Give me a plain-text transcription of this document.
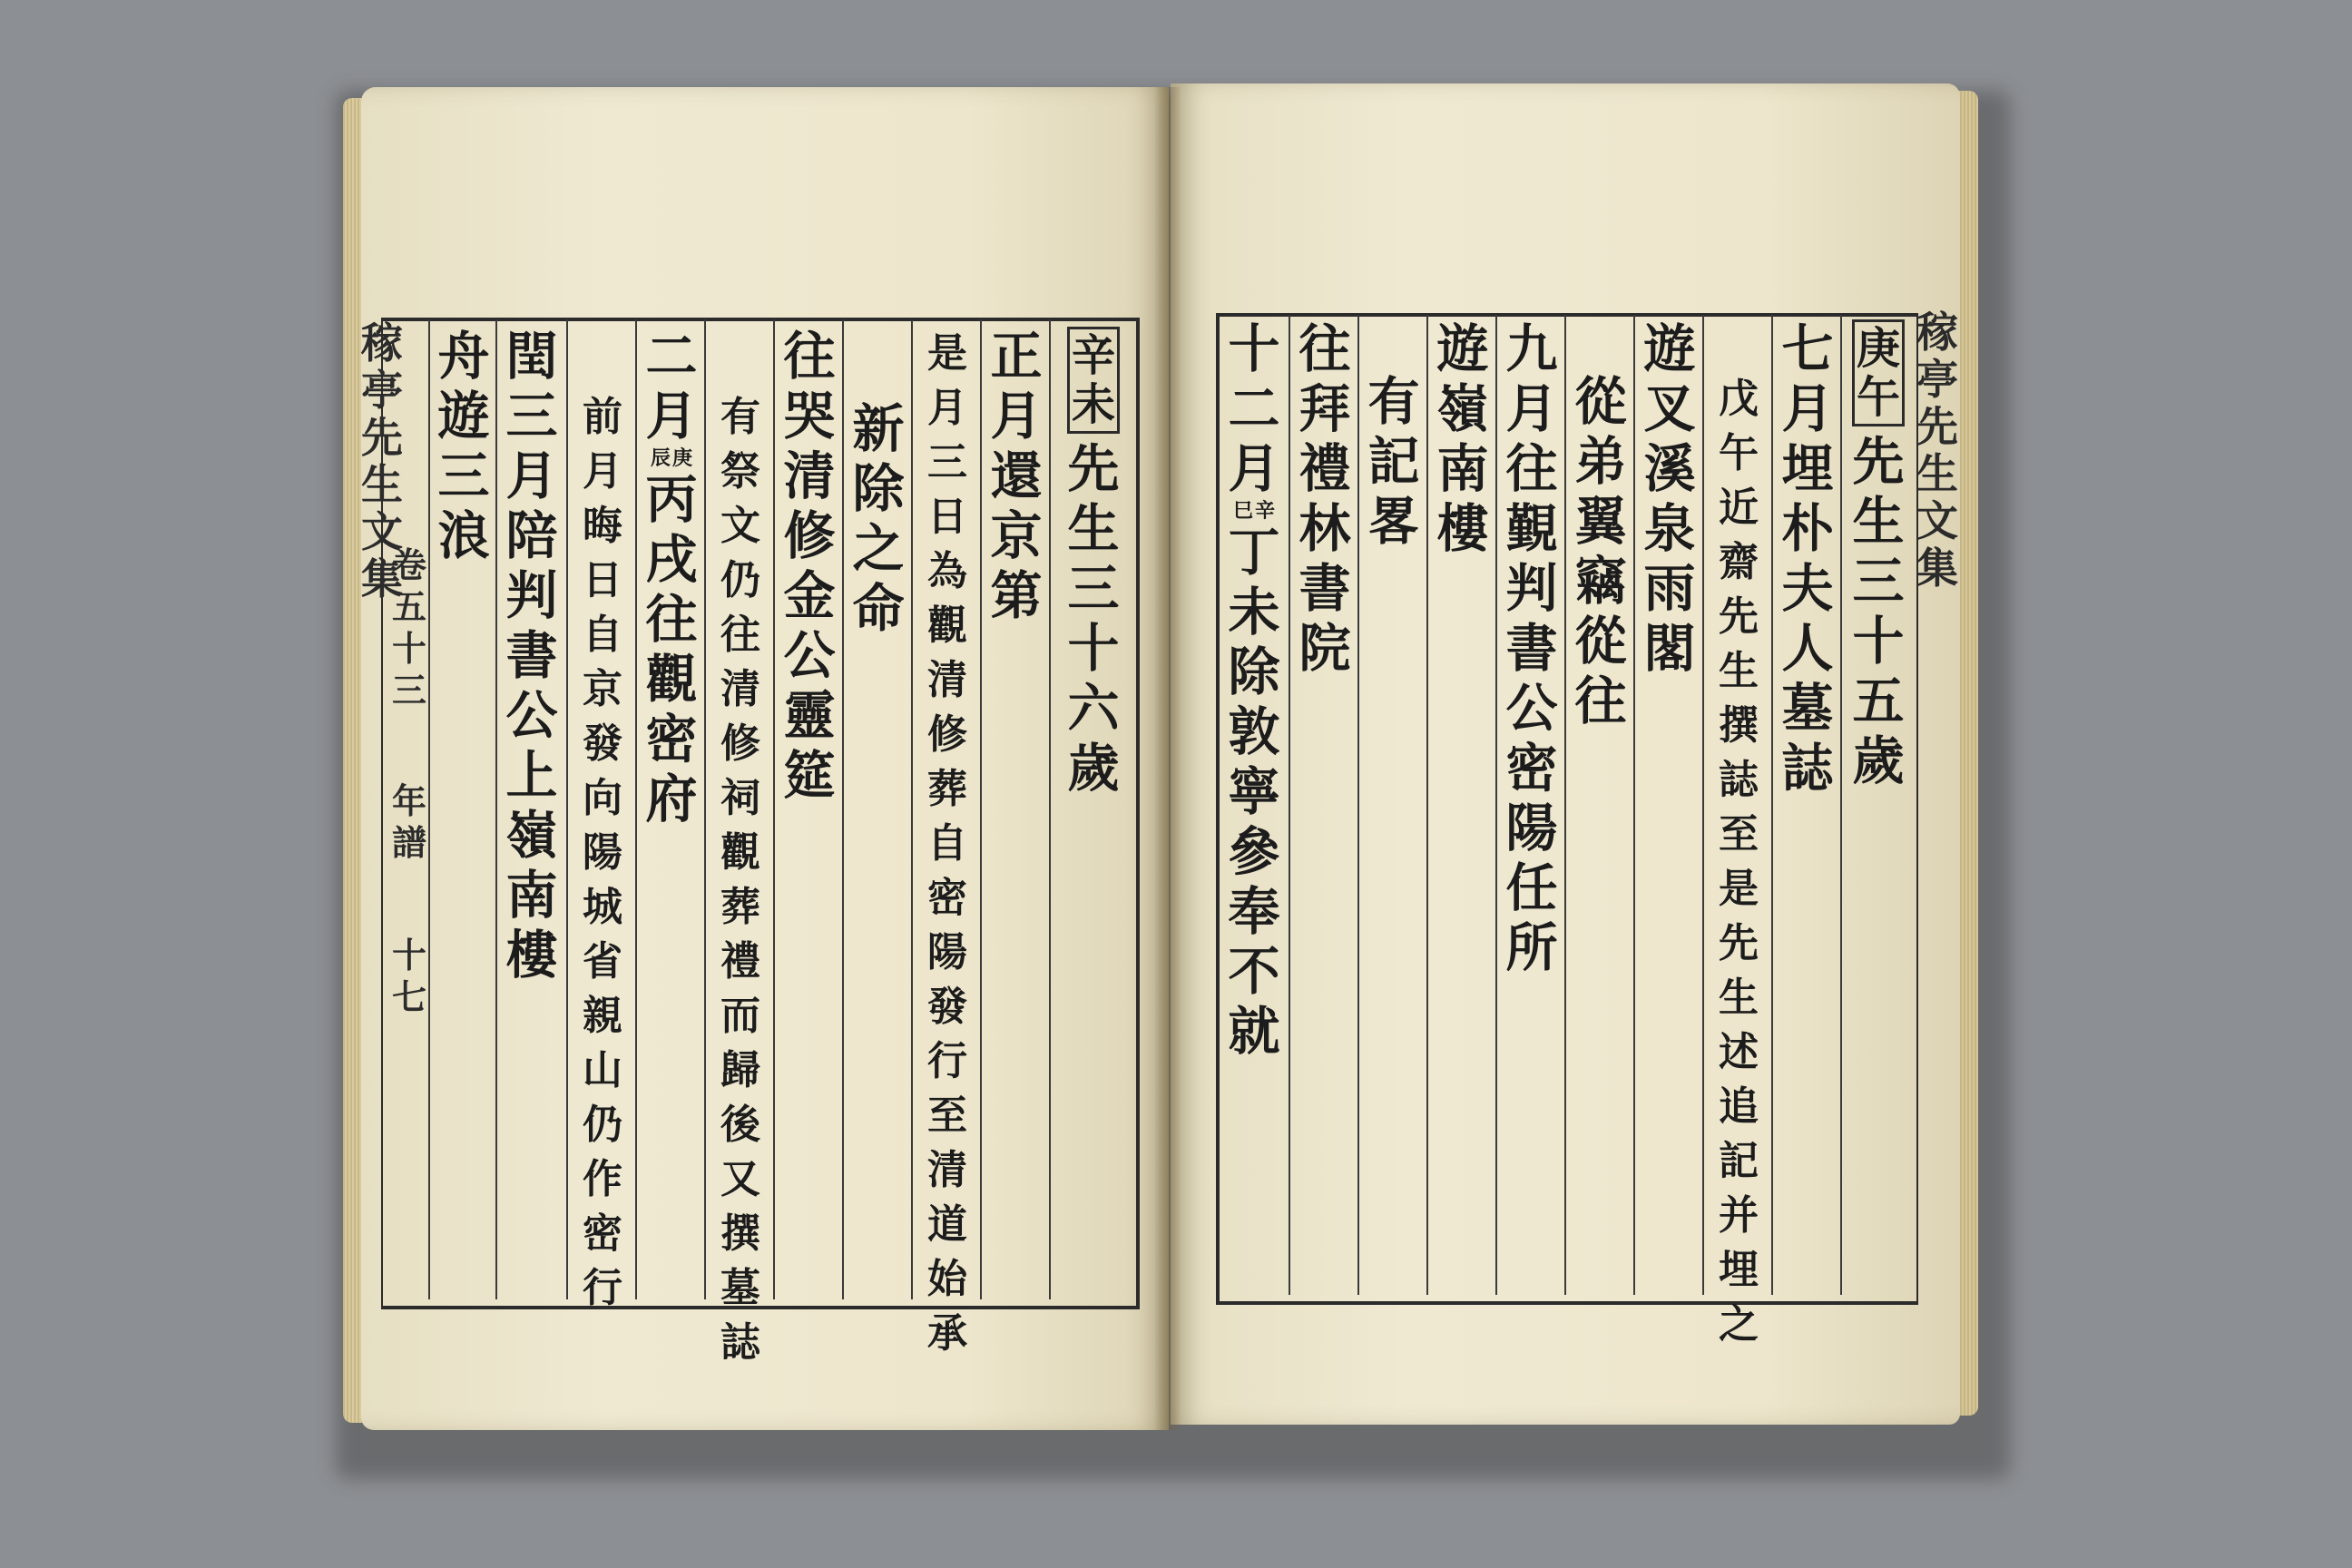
稼
亭
先
生
文
集
卷
五
十
三
年
譜
十
七
辛
未
先
生
三
十
六
歲
正
月
還
京
第
是
月
三
日
為
觀
清
修
葬
自
密
陽
發
行
至
清
道
始
承
新
除
之
命
往
哭
清
修
金
公
靈
筵
有
祭
文
仍
往
清
修
祠
觀
葬
禮
而
歸
後
又
撰
墓
誌
二
月
辰 庚
丙
戌
往
觀
密
府
前
月
晦
日
自
京
發
向
陽
城
省
親
山
仍
作
密
行
閏
三
月
陪
判
書
公
上
嶺
南
樓
舟
遊
三
浪
稼
亭
先
生
文
集
庚
午
先
生
三
十
五
歲
七
月
埋
朴
夫
人
墓
誌
戊
午
近
齋
先
生
撰
誌
至
是
先
生
述
追
記
并
埋
之
遊
叉
溪
泉
雨
閣
從
弟
翼
竊
從
往
九
月
往
覲
判
書
公
密
陽
任
所
遊
嶺
南
樓
有
記
畧
往
拜
禮
林
書
院
十
二
月
巳 辛
丁
未
除
敦
寧
參
奉
不
就
